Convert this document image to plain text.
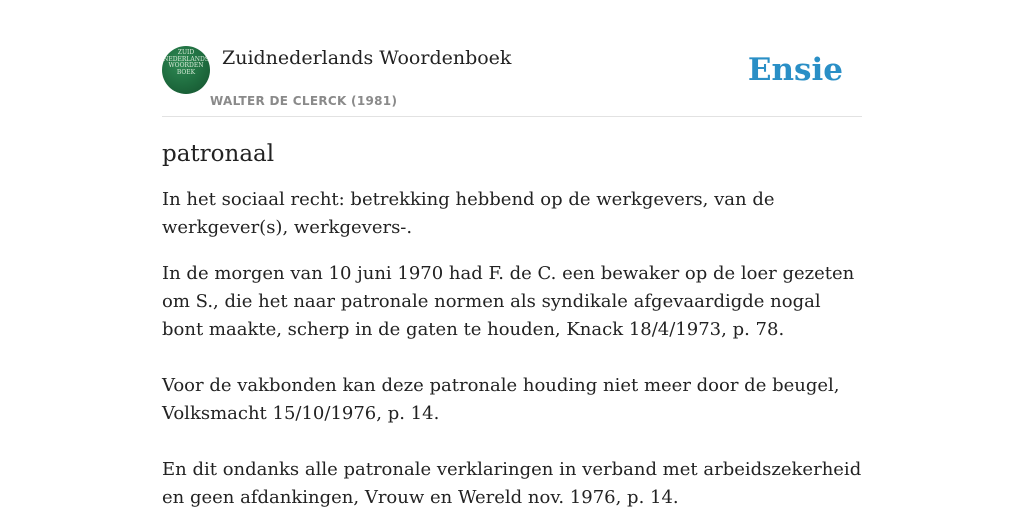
ZUID
NEDERLANDS
WOORDEN
BOEK
Zuidnederlands Woordenboek
WALTER DE CLERCK (1981)
Ensie
patronaal

In het sociaal recht: betrekking hebbend op de werkgevers, van de werkgever(s), werkgevers-.

In de morgen van 10 juni 1970 had F. de C. een bewaker op de loer gezeten om S., die het naar patronale normen als syndikale afgevaardigde nogal bont maakte, scherp in de gaten te houden, Knack 18/4/1973, p. 78.

Voor de vakbonden kan deze patronale houding niet meer door de beugel, Volksmacht 15/10/1976, p. 14.

En dit ondanks alle patronale verklaringen in verband met arbeidszekerheid en geen afdankingen, Vrouw en Wereld nov. 1976, p. 14.
